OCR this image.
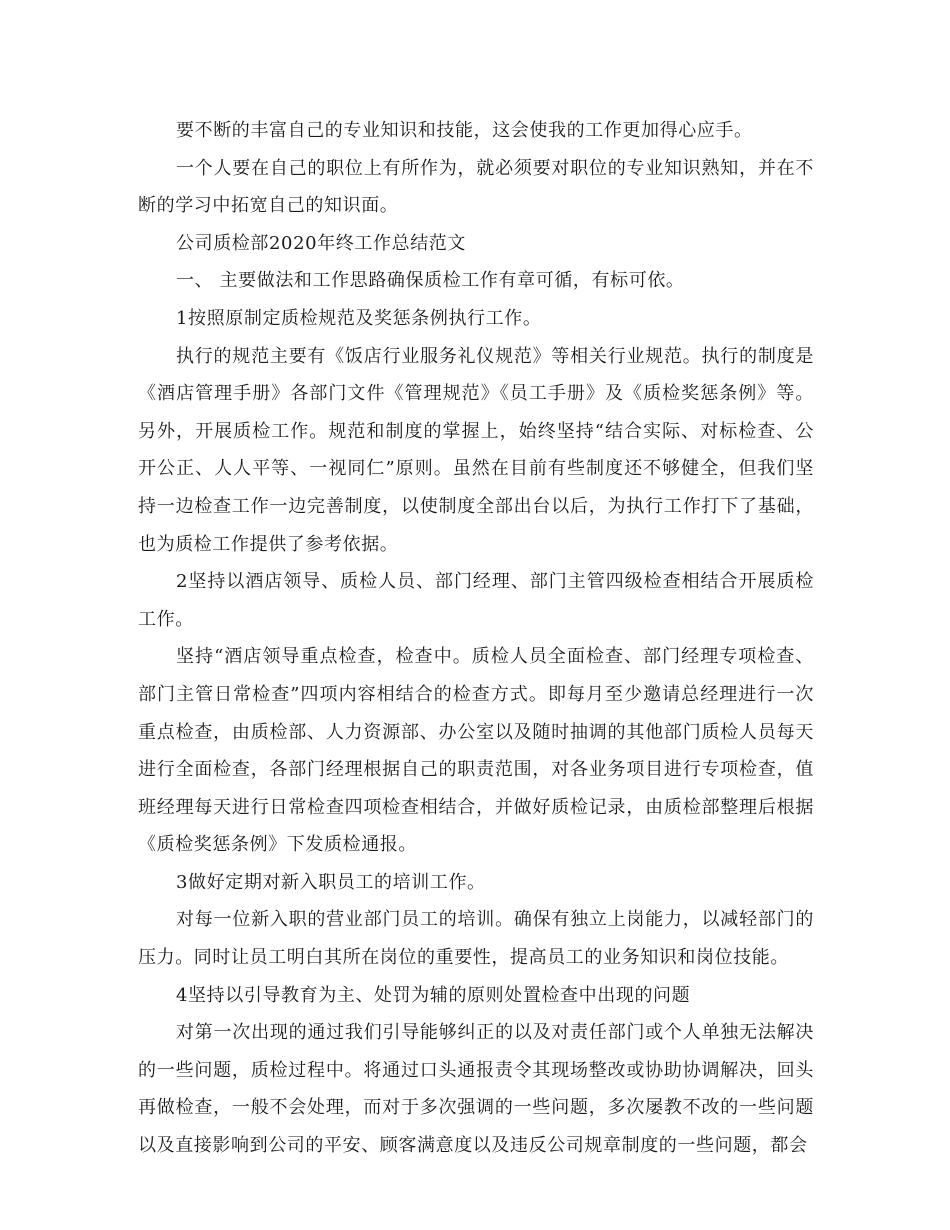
要不断的丰富自己的专业知识和技能，这会使我的工作更加得心应手。

一个人要在自己的职位上有所作为，就必须要对职位的专业知识熟知，并在不断的学习中拓宽自己的知识面。

公司质检部2020年终工作总结范文

一、 主要做法和工作思路确保质检工作有章可循，有标可依。

1按照原制定质检规范及奖惩条例执行工作。

执行的规范主要有《饭店行业服务礼仪规范》等相关行业规范。执行的制度是《酒店管理手册》各部门文件《管理规范》《员工手册》及《质检奖惩条例》等。另外，开展质检工作。规范和制度的掌握上，始终坚持“结合实际、对标检查、公开公正、人人平等、一视同仁”原则。虽然在目前有些制度还不够健全，但我们坚持一边检查工作一边完善制度，以使制度全部出台以后，为执行工作打下了基础，也为质检工作提供了参考依据。

2坚持以酒店领导、质检人员、部门经理、部门主管四级检查相结合开展质检工作。

坚持“酒店领导重点检查，检查中。质检人员全面检查、部门经理专项检查、部门主管日常检查”四项内容相结合的检查方式。即每月至少邀请总经理进行一次重点检查，由质检部、人力资源部、办公室以及随时抽调的其他部门质检人员每天进行全面检查，各部门经理根据自己的职责范围，对各业务项目进行专项检查，值班经理每天进行日常检查四项检查相结合，并做好质检记录，由质检部整理后根据《质检奖惩条例》下发质检通报。

3做好定期对新入职员工的培训工作。

对每一位新入职的营业部门员工的培训。确保有独立上岗能力，以减轻部门的压力。同时让员工明白其所在岗位的重要性，提高员工的业务知识和岗位技能。

4坚持以引导教育为主、处罚为辅的原则处置检查中出现的问题

对第一次出现的通过我们引导能够纠正的以及对责任部门或个人单独无法解决的一些问题，质检过程中。将通过口头通报责令其现场整改或协助协调解决，回头再做检查，一般不会处理，而对于多次强调的一些问题，多次屡教不改的一些问题以及直接影响到公司的平安、顾客满意度以及违反公司规章制度的一些问题，都会
